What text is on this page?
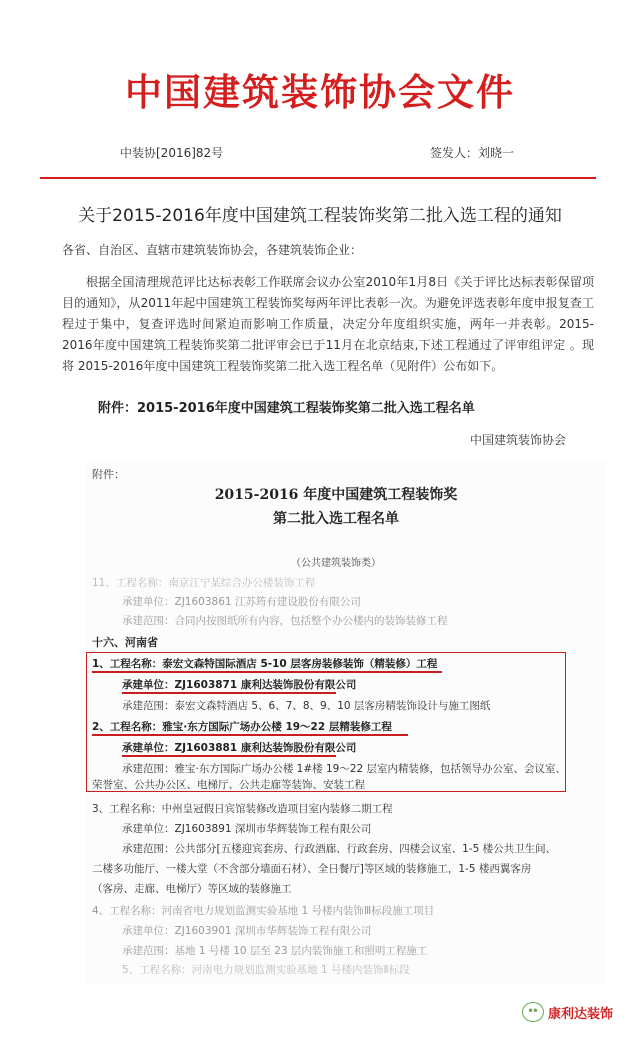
中国建筑装饰协会文件
中装协[2016]82号	签发人：刘晓一
关于2015-2016年度中国建筑工程装饰奖第二批入选工程的通知
各省、自治区、直辖市建筑装饰协会，各建筑装饰企业：
根据全国清理规范评比达标表彰工作联席会议办公室2010年1月8日《关于评比达标表彰保留项目的通知》，从2011年起中国建筑工程装饰奖每两年评比表彰一次。为避免评选表彰年度申报复查工程过于集中，复查评选时间紧迫而影响工作质量，决定分年度组织实施，两年一并表彰。2015-2016年度中国建筑工程装饰奖第二批评审会已于11月在北京结束,下述工程通过了评审组评定 。现将 2015-2016年度中国建筑工程装饰奖第二批入选工程名单（见附件）公布如下。
附件：2015-2016年度中国建筑工程装饰奖第二批入选工程名单
中国建筑装饰协会
附件：
2015-2016 年度中国建筑工程装饰奖
第二批入选工程名单
（公共建筑装饰类）
11、工程名称：南京江宁某综合办公楼装饰工程
承建单位：ZJ1603861 江苏筠有建设股份有限公司
承建范围：合同内按图纸所有内容，包括整个办公楼内的装饰装修工程
十六、河南省
1、工程名称：泰宏文森特国际酒店 5-10 层客房装修装饰（精装修）工程
承建单位：ZJ1603871 康利达装饰股份有限公司
承建范围：泰宏文森特酒店 5、6、7、8、9、10 层客房精装饰设计与施工图纸
2、工程名称：雅宝·东方国际广场办公楼 19～22 层精装修工程
承建单位：ZJ1603881 康利达装饰股份有限公司
承建范围：雅宝·东方国际广场办公楼 1#楼 19～22 层室内精装修，包括领导办公室、会议室、
荣誉室、公共办公区、电梯厅、公共走廊等装饰、安装工程
3、工程名称：中州皇冠假日宾馆装修改造项目室内装修二期工程
承建单位：ZJ1603891 深圳市华辉装饰工程有限公司
承建范围：公共部分[五楼迎宾套房、行政酒廊、行政套房、四楼会议室、1-5 楼公共卫生间、
二楼多功能厅、一楼大堂（不含部分墙面石材）、全日餐厅]等区域的装修施工，1-5 楼西翼客房
（客房、走廊、电梯厅）等区域的装修施工
4、工程名称：河南省电力规划监测实验基地 1 号楼内装饰Ⅲ标段施工项目
承建单位：ZJ1603901 深圳市华辉装饰工程有限公司
承建范围：基地 1 号楼 10 层至 23 层内装饰施工和照明工程施工
5、工程名称：河南电力规划监测实验基地 1 号楼内装饰Ⅱ标段
ꔷꔷ 康利达装饰
